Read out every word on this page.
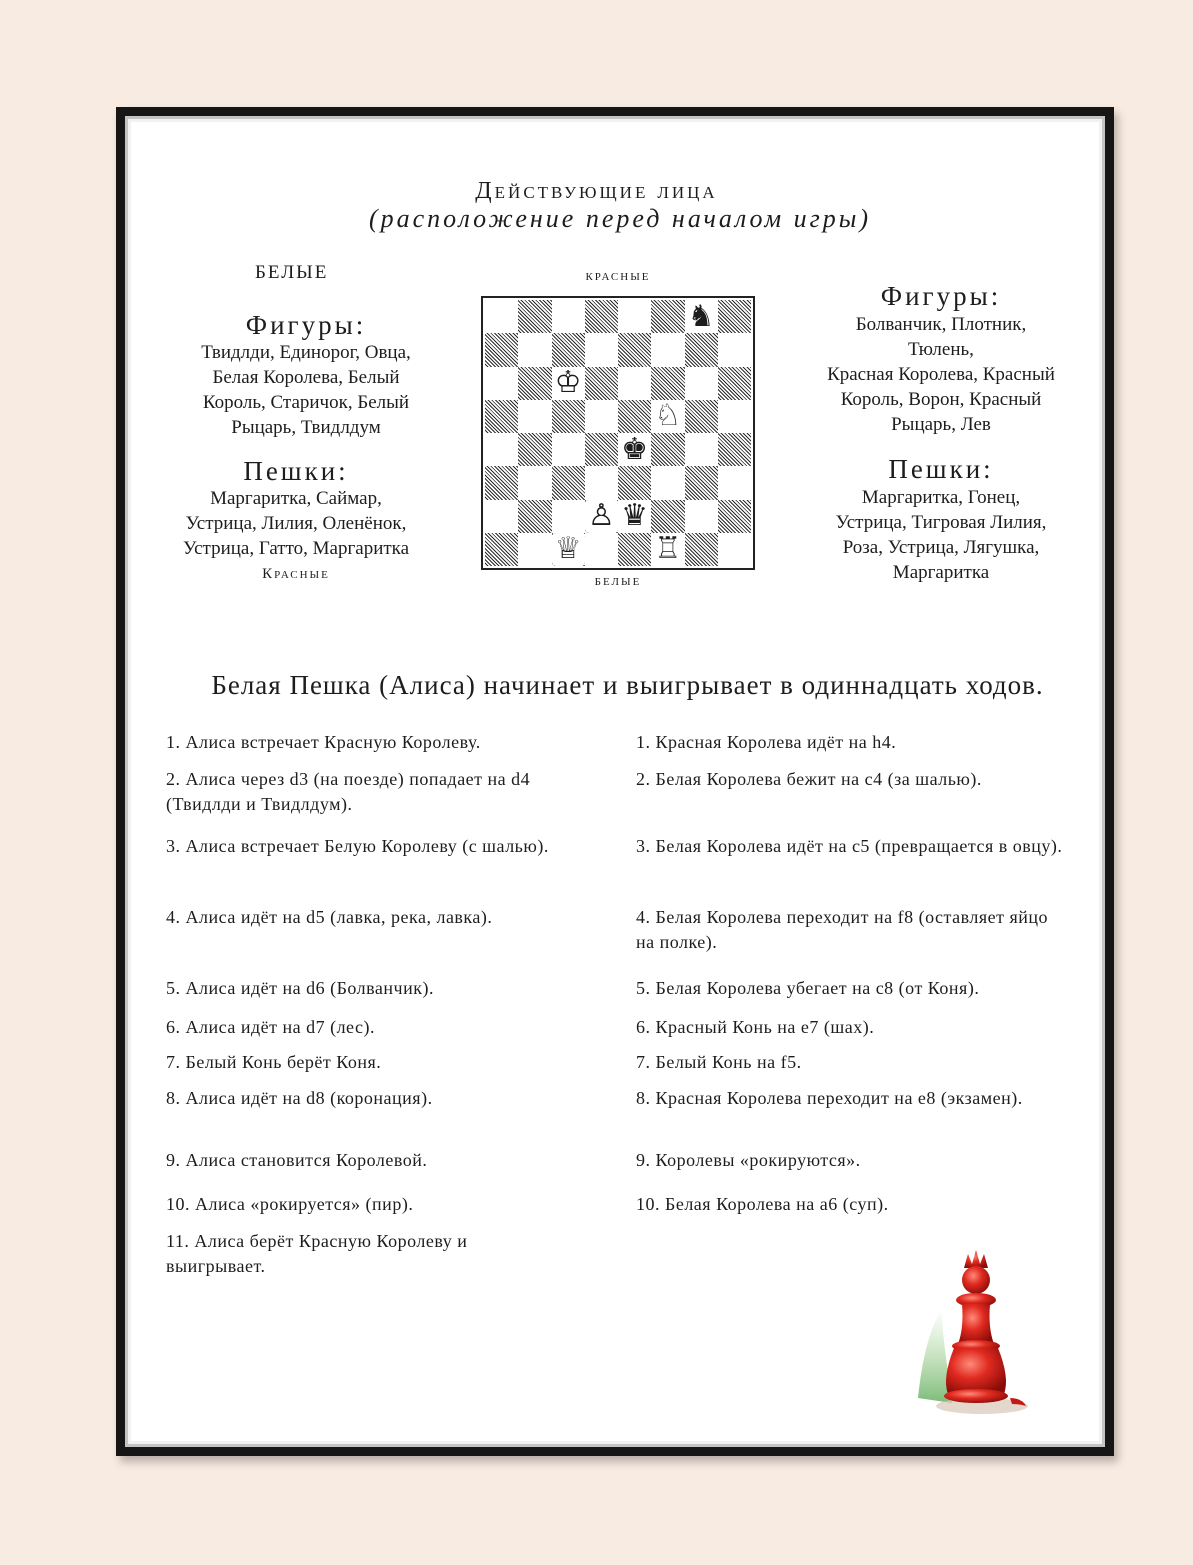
Действующие лица
(расположение перед началом игры)
БЕЛЫЕ
Фигуры:
Твидлди, Единорог, Овца,
Белая Королева, Белый
Король, Старичок, Белый
Рыцарь, Твидлдум
Пешки:
Маргаритка, Саймар,
Устрица, Лилия, Оленёнок,
Устрица, Гатто, Маргаритка
Красные
КРАСНЫЕ
♞
♔
♘
♚
♙ ♛
♕ ♖
БЕЛЫЕ
Фигуры:
Болванчик, Плотник,
Тюлень,
Красная Королева, Красный
Король, Ворон, Красный
Рыцарь, Лев
Пешки:
Маргаритка, Гонец,
Устрица, Тигровая Лилия,
Роза, Устрица, Лягушка,
Маргаритка
Белая Пешка (Алиса) начинает и выигрывает в одиннадцать ходов.
1. Алиса встречает Красную Королеву.
2. Алиса через d3 (на поезде) попадает на d4 (Твидлди и Твидлдум).
3. Алиса встречает Белую Королеву (с шалью).
4. Алиса идёт на d5 (лавка, река, лавка).
5. Алиса идёт на d6 (Болванчик).
6. Алиса идёт на d7 (лес).
7. Белый Конь берёт Коня.
8. Алиса идёт на d8 (коронация).
9. Алиса становится Королевой.
10. Алиса «рокируется» (пир).
11. Алиса берёт Красную Королеву и выигрывает.
1. Красная Королева идёт на h4.
2. Белая Королева бежит на c4 (за шалью).
3. Белая Королева идёт на c5 (превращается в овцу).
4. Белая Королева переходит на f8 (оставляет яйцо на полке).
5. Белая Королева убегает на c8 (от Коня).
6. Красный Конь на e7 (шах).
7. Белый Конь на f5.
8. Красная Королева переходит на e8 (экзамен).
9. Королевы «рокируются».
10. Белая Королева на a6 (суп).
